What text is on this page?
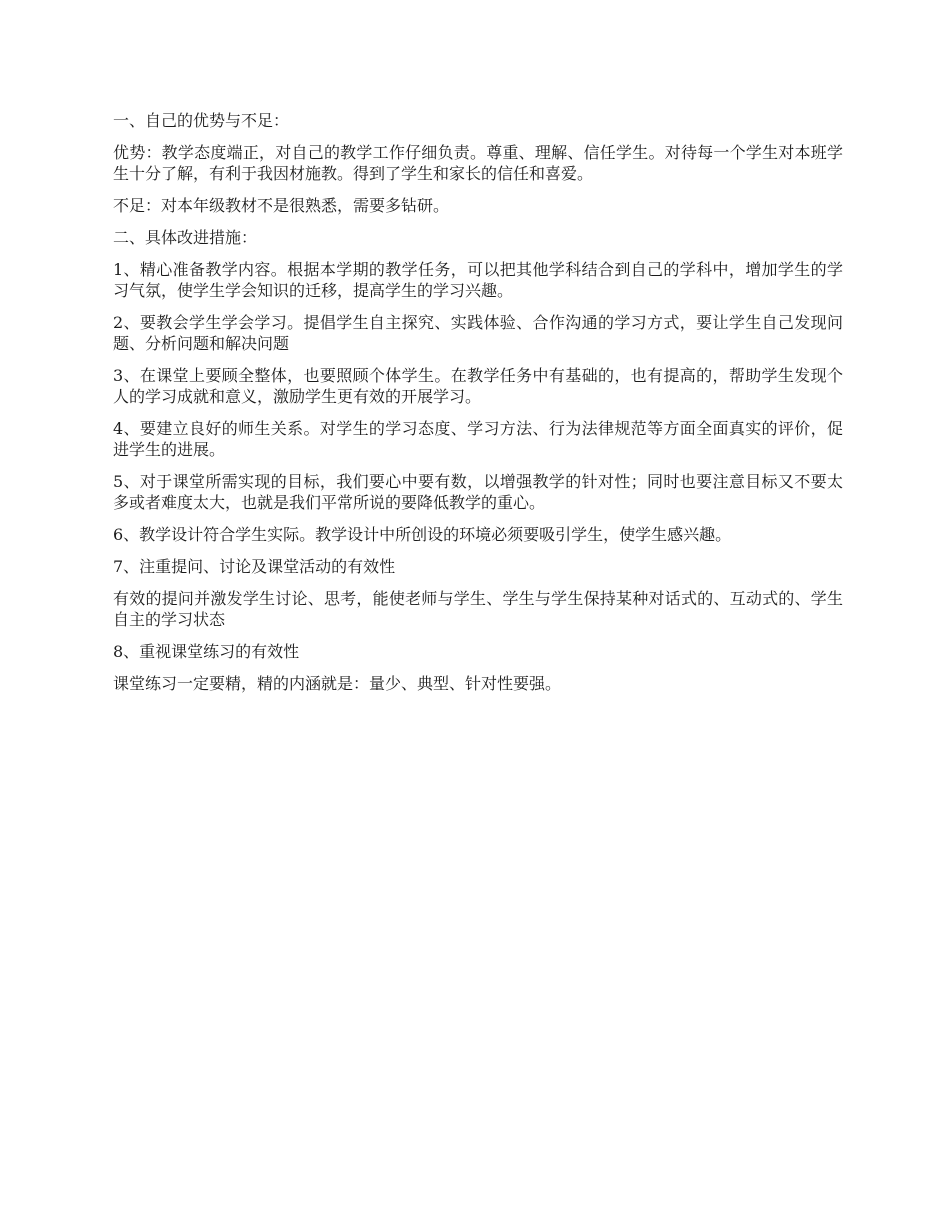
一、自己的优势与不足：

优势：教学态度端正，对自己的教学工作仔细负责。尊重、理解、信任学生。对待每一个学生对本班学生十分了解，有利于我因材施教。得到了学生和家长的信任和喜爱。

不足：对本年级教材不是很熟悉，需要多钻研。

二、具体改进措施：

1、精心准备教学内容。根据本学期的教学任务，可以把其他学科结合到自己的学科中，增加学生的学习气氛，使学生学会知识的迁移，提高学生的学习兴趣。

2、要教会学生学会学习。提倡学生自主探究、实践体验、合作沟通的学习方式，要让学生自己发现问题、分析问题和解决问题

3、在课堂上要顾全整体，也要照顾个体学生。在教学任务中有基础的，也有提高的，帮助学生发现个人的学习成就和意义，激励学生更有效的开展学习。

4、要建立良好的师生关系。对学生的学习态度、学习方法、行为法律规范等方面全面真实的评价，促进学生的进展。

5、对于课堂所需实现的目标，我们要心中要有数，以增强教学的针对性；同时也要注意目标又不要太多或者难度太大，也就是我们平常所说的要降低教学的重心。

6、教学设计符合学生实际。教学设计中所创设的环境必须要吸引学生，使学生感兴趣。

7、注重提问、讨论及课堂活动的有效性

有效的提问并激发学生讨论、思考，能使老师与学生、学生与学生保持某种对话式的、互动式的、学生自主的学习状态

8、重视课堂练习的有效性

课堂练习一定要精，精的内涵就是：量少、典型、针对性要强。
